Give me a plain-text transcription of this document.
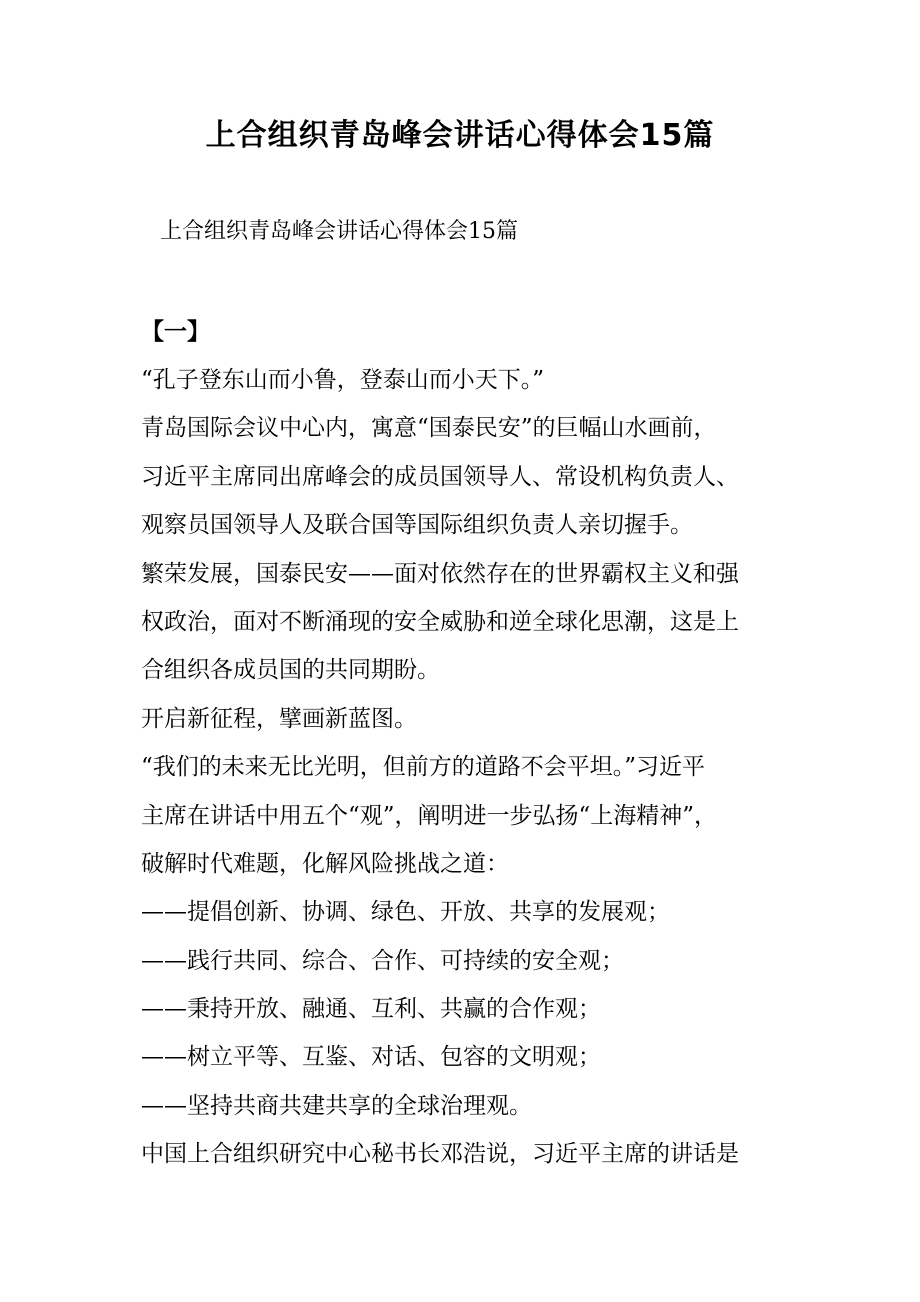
上合组织青岛峰会讲话心得体会15篇
上合组织青岛峰会讲话心得体会15篇
【一】
“孔子登东山而小鲁，登泰山而小天下。”
青岛国际会议中心内，寓意“国泰民安”的巨幅山水画前，
习近平主席同出席峰会的成员国领导人、常设机构负责人、
观察员国领导人及联合国等国际组织负责人亲切握手。
繁荣发展，国泰民安——面对依然存在的世界霸权主义和强
权政治，面对不断涌现的安全威胁和逆全球化思潮，这是上
合组织各成员国的共同期盼。
开启新征程，擘画新蓝图。
“我们的未来无比光明，但前方的道路不会平坦。”习近平
主席在讲话中用五个“观”，阐明进一步弘扬“上海精神”，
破解时代难题，化解风险挑战之道：
——提倡创新、协调、绿色、开放、共享的发展观；
——践行共同、综合、合作、可持续的安全观；
——秉持开放、融通、互利、共赢的合作观；
——树立平等、互鉴、对话、包容的文明观；
——坚持共商共建共享的全球治理观。
中国上合组织研究中心秘书长邓浩说，习近平主席的讲话是
